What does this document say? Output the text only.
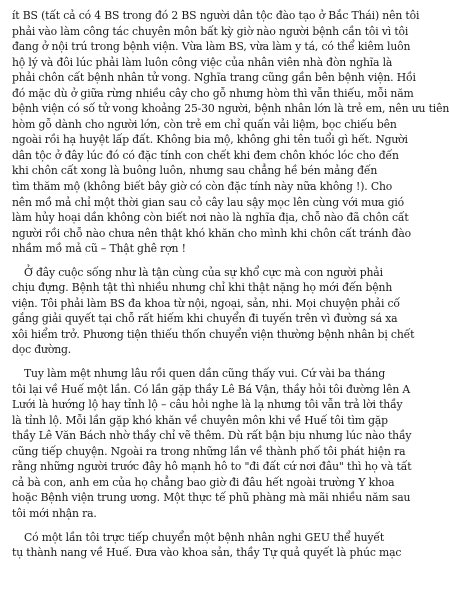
ít BS (tất cả có 4 BS trong đó 2 BS người dân tộc đào tạo ở Bắc Thái) nên tôi
phải vào làm công tác chuyên môn bất kỳ giờ nào người bệnh cần tôi vì tôi
đang ở nội trú trong bệnh viện. Vừa làm BS, vừa làm y tá, có thể kiêm luôn
hộ lý và đôi lúc phải làm luôn công việc của nhân viên nhà đòn nghĩa là
phải chôn cất bệnh nhân tử vong. Nghĩa trang cũng gần bên bệnh viện. Hồi
đó mặc dù ở giữa rừng nhiều cây cho gỗ nhưng hòm thì vẫn thiếu, mỗi năm
bệnh viện có số tử vong khoảng 25-30 người, bệnh nhân lớn là trẻ em, nên ưu tiên
hòm gỗ dành cho người lớn, còn trẻ em chỉ quấn vải liệm, bọc chiếu bên
ngoài rồi hạ huyệt lấp đất. Không bia mộ, không ghi tên tuổi gì hết. Người
dân tộc ở đây lúc đó có đặc tính con chết khi đem chôn khóc lóc cho đến
khi chôn cất xong là buông luôn, nhưng sau chẳng hề bén mảng đến
tìm thăm mộ (không biết bây giờ có còn đặc tính này nữa không !). Cho
nên mồ mả chỉ một thời gian sau cỏ cây lau sậy mọc lên cùng với mưa gió
làm hủy hoại dần không còn biết nơi nào là nghĩa địa, chỗ nào đã chôn cất
người rồi chỗ nào chưa nên thật khó khăn cho mình khi chôn cất tránh đào
nhầm mồ mả cũ – Thật ghê rợn !
Ở đây cuộc sống như là tận cùng của sự khổ cực mà con người phải
chịu đựng. Bệnh tật thì nhiều nhưng chỉ khi thật nặng họ mới đến bệnh
viện. Tôi phải làm BS đa khoa từ nội, ngoại, sản, nhi. Mọi chuyện phải cố
gắng giải quyết tại chỗ rất hiếm khi chuyển đi tuyến trên vì đường sá xa
xôi hiểm trở. Phương tiện thiếu thốn chuyển viện thường bệnh nhân bị chết
dọc đường.
Tuy làm mệt nhưng lâu rồi quen dần cũng thấy vui. Cứ vài ba tháng
tôi lại về Huế một lần. Có lần gặp thầy Lê Bá Vận, thầy hỏi tôi đường lên A
Lưới là hướng lộ hay tỉnh lộ – câu hỏi nghe là lạ nhưng tôi vẫn trả lời thầy
là tỉnh lộ. Mỗi lần gặp khó khăn về chuyên môn khi về Huế tôi tìm gặp
thầy Lê Văn Bách nhờ thầy chỉ vẽ thêm. Dù rất bận bịu nhưng lúc nào thầy
cũng tiếp chuyện. Ngoài ra trong những lần về thành phố tôi phát hiện ra
rằng những người trước đây hô mạnh hô to "đi đất cứ nơi đâu" thì họ và tất
cả bà con, anh em của họ chẳng bao giờ đi đâu hết ngoài trường Y khoa
hoặc Bệnh viện trung ương. Một thực tế phũ phàng mà mãi nhiều năm sau
tôi mới nhận ra.
Có một lần tôi trực tiếp chuyển một bệnh nhân nghi GEU thể huyết
tụ thành nang về Huế. Đưa vào khoa sản, thầy Tự quả quyết là phúc mạc
